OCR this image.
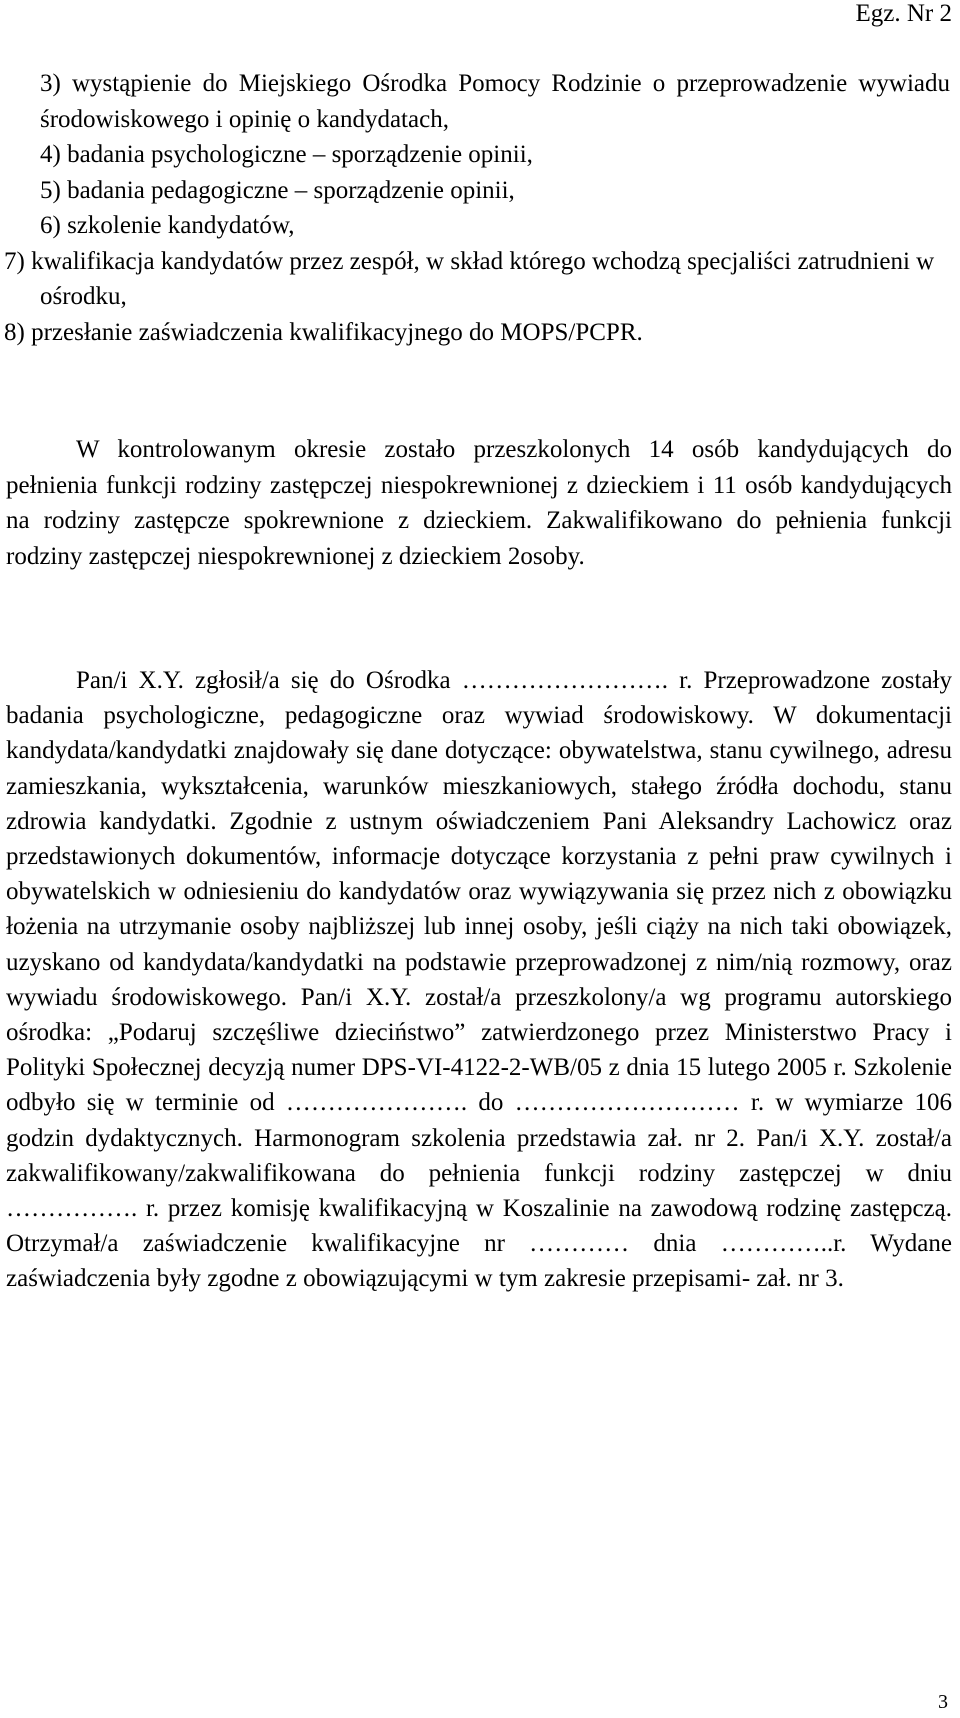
Egz. Nr 2
3) wystąpienie do Miejskiego Ośrodka Pomocy Rodzinie o przeprowadzenie wywiadu środowiskowego i opinię o kandydatach,
4) badania psychologiczne – sporządzenie opinii,
5) badania pedagogiczne – sporządzenie opinii,
6) szkolenie kandydatów,
7) kwalifikacja kandydatów przez zespół, w skład którego wchodzą specjaliści zatrudnieni w ośrodku,
8) przesłanie zaświadczenia kwalifikacyjnego do MOPS/PCPR.

W kontrolowanym okresie zostało przeszkolonych 14 osób kandydujących do pełnienia funkcji rodziny zastępczej niespokrewnionej z dzieckiem i 11 osób kandydujących na rodziny zastępcze spokrewnione z dzieckiem. Zakwalifikowano do pełnienia funkcji rodziny zastępczej niespokrewnionej z dzieckiem 2osoby.

Pan/i X.Y. zgłosił/a się do Ośrodka ……………………. r. Przeprowadzone zostały badania psychologiczne, pedagogiczne oraz wywiad środowiskowy. W dokumentacji kandydata/kandydatki znajdowały się dane dotyczące: obywatelstwa, stanu cywilnego, adresu zamieszkania, wykształcenia, warunków mieszkaniowych, stałego źródła dochodu, stanu zdrowia kandydatki. Zgodnie z ustnym oświadczeniem Pani Aleksandry Lachowicz oraz przedstawionych dokumentów, informacje dotyczące korzystania z pełni praw cywilnych i obywatelskich w odniesieniu do kandydatów oraz wywiązywania się przez nich z obowiązku łożenia na utrzymanie osoby najbliższej lub innej osoby, jeśli ciąży na nich taki obowiązek, uzyskano od kandydata/kandydatki na podstawie przeprowadzonej z nim/nią rozmowy, oraz wywiadu środowiskowego. Pan/i X.Y. został/a przeszkolony/a wg programu autorskiego ośrodka: „Podaruj szczęśliwe dzieciństwo” zatwierdzonego przez Ministerstwo Pracy i Polityki Społecznej decyzją numer DPS-VI-4122-2-WB/05 z dnia 15 lutego 2005 r. Szkolenie odbyło się w terminie od …………………. do ……………………… r. w wymiarze 106 godzin dydaktycznych. Harmonogram szkolenia przedstawia zał. nr 2. Pan/i X.Y. został/a zakwalifikowany/zakwalifikowana do pełnienia funkcji rodziny zastępczej w dniu ……………. r. przez komisję kwalifikacyjną w Koszalinie na zawodową rodzinę zastępczą. Otrzymał/a zaświadczenie kwalifikacyjne nr ………… dnia …………..r. Wydane zaświadczenia były zgodne z obowiązującymi w tym zakresie przepisami- zał. nr 3.

3
